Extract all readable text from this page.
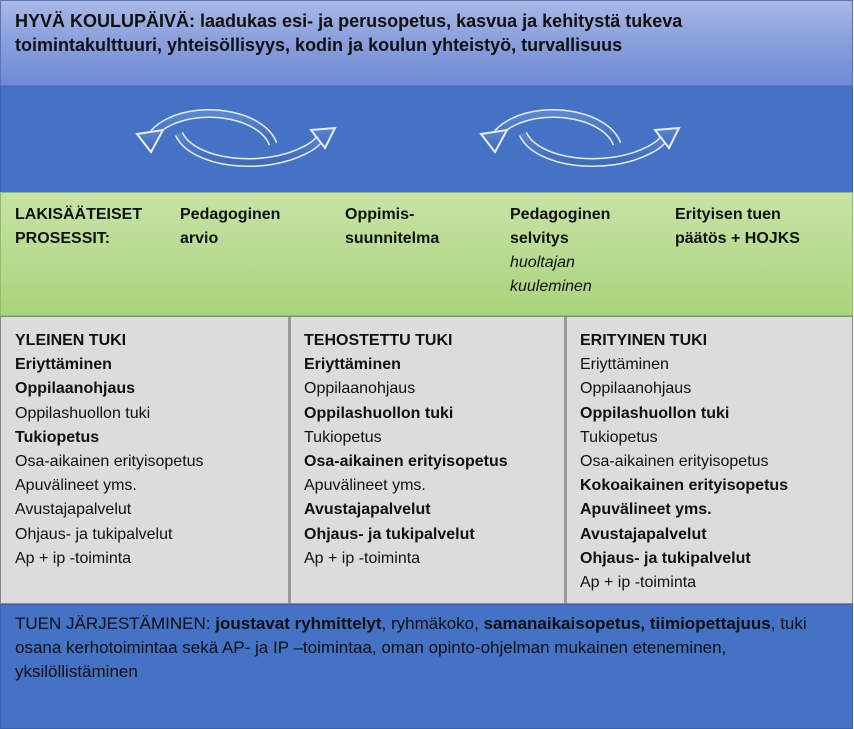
HYVÄ KOULUPÄIVÄ: laadukas esi- ja perusopetus, kasvua ja kehitystä tukeva
toimintakulttuuri, yhteisöllisyys, kodin ja koulun yhteistyö, turvallisuus
LAKISÄÄTEISET
PROSESSIT:
Pedagoginen
arvio
Oppimis-
suunnitelma
Pedagoginen
selvitys
huoltajan
kuuleminen
Erityisen tuen
päätös + HOJKS
YLEINEN TUKI
Eriyttäminen
Oppilaanohjaus
Oppilashuollon tuki
Tukiopetus
Osa-aikainen erityisopetus
Apuvälineet yms.
Avustajapalvelut
Ohjaus- ja tukipalvelut
Ap + ip -toiminta
TEHOSTETTU TUKI
Eriyttäminen
Oppilaanohjaus
Oppilashuollon tuki
Tukiopetus
Osa-aikainen erityisopetus
Apuvälineet yms.
Avustajapalvelut
Ohjaus- ja tukipalvelut
Ap + ip -toiminta
ERITYINEN TUKI
Eriyttäminen
Oppilaanohjaus
Oppilashuollon tuki
Tukiopetus
Osa-aikainen erityisopetus
Kokoaikainen erityisopetus
Apuvälineet yms.
Avustajapalvelut
Ohjaus- ja tukipalvelut
Ap + ip -toiminta
TUEN JÄRJESTÄMINEN: joustavat ryhmittelyt, ryhmäkoko, samanaikaisopetus, tiimiopettajuus, tuki osana kerhotoimintaa sekä AP- ja IP –toimintaa, oman opinto-ohjelman mukainen eteneminen, yksilöllistäminen
